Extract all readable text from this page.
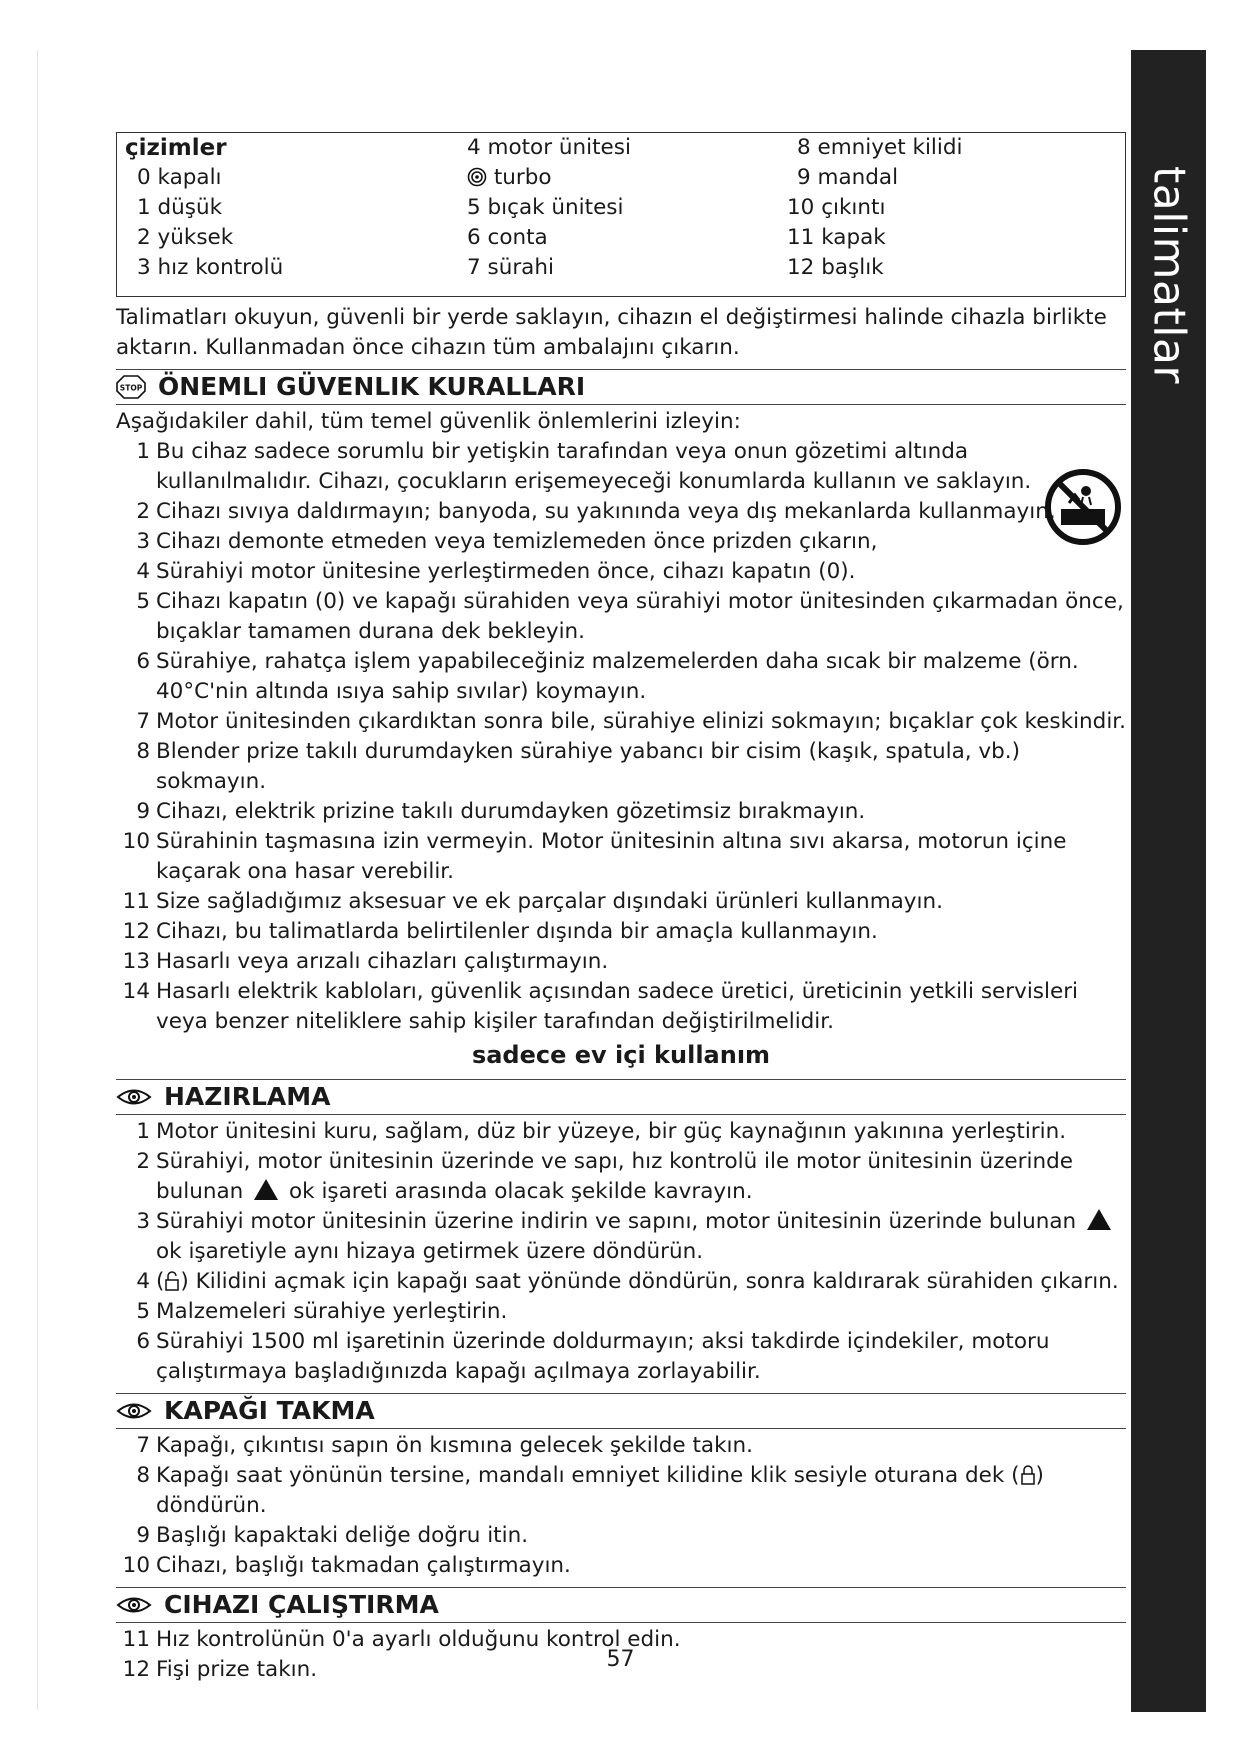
talimatlar
çizimler
0 kapalı
1 düşük
2 yüksek
3 hız kontrolü
4 motor ünitesi
turbo
5 bıçak ünitesi
6 conta
7 sürahi
8 emniyet kilidi
9 mandal
10 çıkıntı
11 kapak
12 başlık

Talimatları okuyun, güvenli bir yerde saklayın, cihazın el değiştirmesi halinde cihazla birlikte aktarın. Kullanmadan önce cihazın tüm ambalajını çıkarın.

STOP ÖNEMLI GÜVENLIK KURALLARI

Aşağıdakiler dahil, tüm temel güvenlik önlemlerini izleyin:

1 Bu cihaz sadece sorumlu bir yetişkin tarafından veya onun gözetimi altında kullanılmalıdır. Cihazı, çocukların erişemeyeceği konumlarda kullanın ve saklayın.
2 Cihazı sıvıya daldırmayın; banyoda, su yakınında veya dış mekanlarda kullanmayın.
3 Cihazı demonte etmeden veya temizlemeden önce prizden çıkarın,
4 Sürahiyi motor ünitesine yerleştirmeden önce, cihazı kapatın (0).
5 Cihazı kapatın (0) ve kapağı sürahiden veya sürahiyi motor ünitesinden çıkarmadan önce, bıçaklar tamamen durana dek bekleyin.
6 Sürahiye, rahatça işlem yapabileceğiniz malzemelerden daha sıcak bir malzeme (örn. 40°C'nin altında ısıya sahip sıvılar) koymayın.
7 Motor ünitesinden çıkardıktan sonra bile, sürahiye elinizi sokmayın; bıçaklar çok keskindir.
8 Blender prize takılı durumdayken sürahiye yabancı bir cisim (kaşık, spatula, vb.) sokmayın.
9 Cihazı, elektrik prizine takılı durumdayken gözetimsiz bırakmayın.
10 Sürahinin taşmasına izin vermeyin. Motor ünitesinin altına sıvı akarsa, motorun içine kaçarak ona hasar verebilir.
11 Size sağladığımız aksesuar ve ek parçalar dışındaki ürünleri kullanmayın.
12 Cihazı, bu talimatlarda belirtilenler dışında bir amaçla kullanmayın.
13 Hasarlı veya arızalı cihazları çalıştırmayın.
14 Hasarlı elektrik kabloları, güvenlik açısından sadece üretici, üreticinin yetkili servisleri veya benzer niteliklere sahip kişiler tarafından değiştirilmelidir.
sadece ev içi kullanım
HAZIRLAMA
1 Motor ünitesini kuru, sağlam, düz bir yüzeye, bir güç kaynağının yakınına yerleştirin.
2 Sürahiyi, motor ünitesinin üzerinde ve sapı, hız kontrolü ile motor ünitesinin üzerinde bulunan ok işareti arasında olacak şekilde kavrayın.
3 Sürahiyi motor ünitesinin üzerine indirin ve sapını, motor ünitesinin üzerinde bulunan  ok işaretiyle aynı hizaya getirmek üzere döndürün.
4 ( ) Kilidini açmak için kapağı saat yönünde döndürün, sonra kaldırarak sürahiden çıkarın.
5 Malzemeleri sürahiye yerleştirin.
6 Sürahiyi 1500 ml işaretinin üzerinde doldurmayın; aksi takdirde içindekiler, motoru çalıştırmaya başladığınızda kapağı açılmaya zorlayabilir.
KAPAĞI TAKMA
7 Kapağı, çıkıntısı sapın ön kısmına gelecek şekilde takın.
8 Kapağı saat yönünün tersine, mandalı emniyet kilidine klik sesiyle oturana dek ( ) döndürün.
9 Başlığı kapaktaki deliğe doğru itin.
10 Cihazı, başlığı takmadan çalıştırmayın.
CIHAZI ÇALIŞTIRMA
11 Hız kontrolünün 0'a ayarlı olduğunu kontrol edin.
12 Fişi prize takın.	57
